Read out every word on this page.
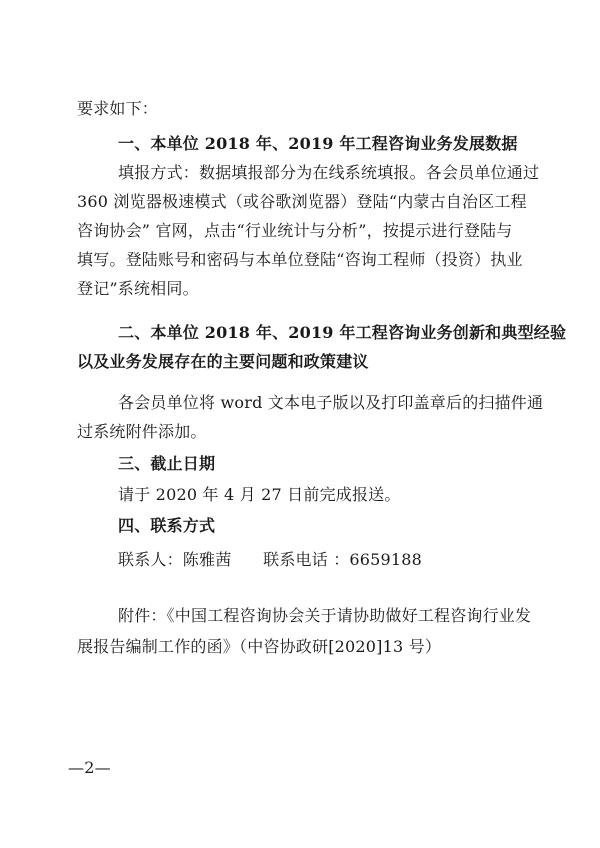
要求如下：
一、本单位 2018 年、2019 年工程咨询业务发展数据
填报方式：数据填报部分为在线系统填报。各会员单位通过
360 浏览器极速模式（或谷歌浏览器）登陆“内蒙古自治区工程
咨询协会” 官网，点击“行业统计与分析”，按提示进行登陆与
填写。登陆账号和密码与本单位登陆“咨询工程师（投资）执业
登记”系统相同。
二、本单位 2018 年、2019 年工程咨询业务创新和典型经验
以及业务发展存在的主要问题和政策建议
各会员单位将 word 文本电子版以及打印盖章后的扫描件通
过系统附件添加。
三、截止日期
请于 2020 年 4 月 27 日前完成报送。
四、联系方式
联系人：陈雅茜      联系电话 ：6659188
附件：《中国工程咨询协会关于请协助做好工程咨询行业发
展报告编制工作的函》（中咨协政研[2020]13 号）
—2—
